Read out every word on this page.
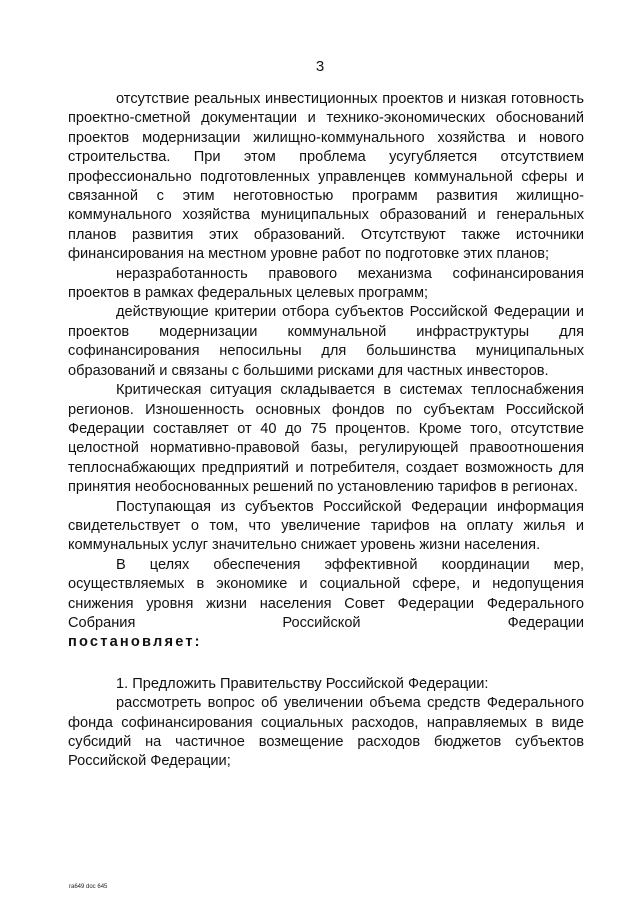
3

отсутствие реальных инвестиционных проектов и низкая готовность проектно-сметной документации и технико-экономических обоснований проектов модернизации жилищно-коммунального хозяйства и нового строительства. При этом проблема усугубляется отсутствием профессионально подготовленных управленцев коммунальной сферы и связанной с этим неготовностью программ развития жилищно-коммунального хозяйства муниципальных образований и генеральных планов развития этих образований. Отсутствуют также источники финансирования на местном уровне работ по подготовке этих планов;

неразработанность правового механизма софинансирования проектов в рамках федеральных целевых программ;

действующие критерии отбора субъектов Российской Федерации и проектов модернизации коммунальной инфраструктуры для софинансирования непосильны для большинства муниципальных образований и связаны с большими рисками для частных инвесторов.

Критическая ситуация складывается в системах теплоснабжения регионов. Изношенность основных фондов по субъектам Российской Федерации составляет от 40 до 75 процентов. Кроме того, отсутствие целостной нормативно-правовой базы, регулирующей правоотношения теплоснабжающих предприятий и потребителя, создает возможность для принятия необоснованных решений по установлению тарифов в регионах.

Поступающая из субъектов Российской Федерации информация свидетельствует о том, что увеличение тарифов на оплату жилья и коммунальных услуг значительно снижает уровень жизни населения.

В целях обеспечения эффективной координации мер, осуществляемых в экономике и социальной сфере, и недопущения снижения уровня жизни населения Совет Федерации Федерального Собрания Российской Федерации

постановляет:

1. Предложить Правительству Российской Федерации:

рассмотреть вопрос об увеличении объема средств Федерального фонда софинансирования социальных расходов, направляемых в виде субсидий на частичное возмещение расходов бюджетов субъектов Российской Федерации;

ra649 doc 645
